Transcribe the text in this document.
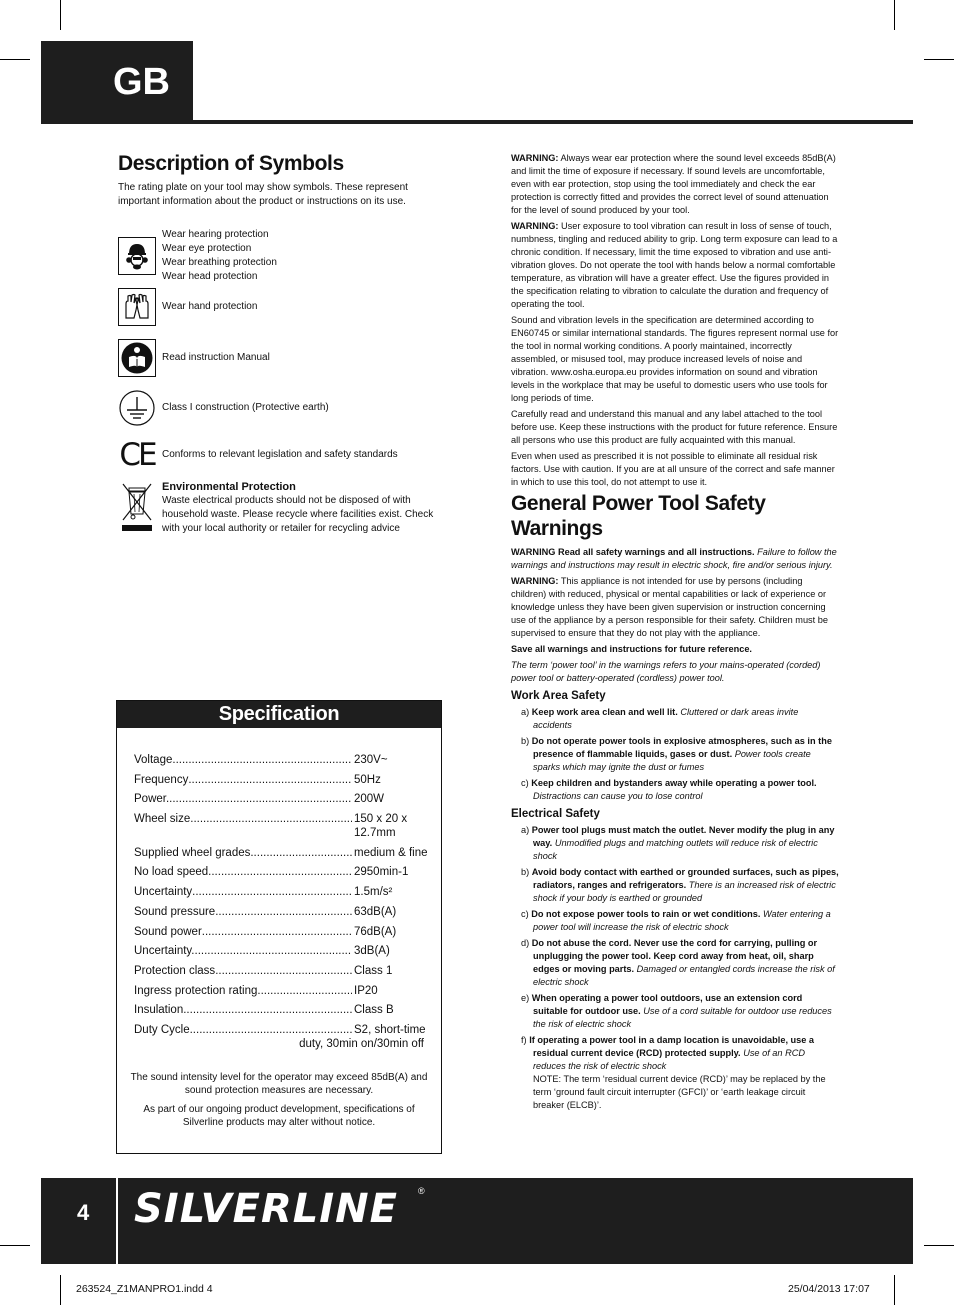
GB
Description of Symbols

The rating plate on your tool may show symbols. These represent important information about the product or instructions on its use.

Wear hearing protection
Wear eye protection
Wear breathing protection
Wear head protection
Wear hand protection
Read instruction Manual
Class I construction (Protective earth)
CE Conforms to relevant legislation and safety standards
Environmental Protection
Waste electrical products should not be disposed of with household waste. Please recycle where facilities exist. Check with your local authority or retailer for recycling advice
Specification
Voltage .....	230V~
Frequency .....	50Hz
Power. .....	200W
Wheel size .....	150 x 20 x
12.7mm
Supplied wheel grades .....	medium & fine
No load speed .....	2950min-1
Uncertainty .....	1.5m/s²
Sound pressure .....	63dB(A)
Sound power .....	76dB(A)
Uncertainty. .....	3dB(A)
Protection class .....	Class 1
Ingress protection rating .....	IP20
Insulation .....	Class B
Duty Cycle .....	S2, short-time
duty, 30min on/30min off

The sound intensity level for the operator may exceed 85dB(A) and sound protection measures are necessary.

As part of our ongoing product development, specifications of Silverline products may alter without notice.

WARNING: Always wear ear protection where the sound level exceeds 85dB(A) and limit the time of exposure if necessary. If sound levels are uncomfortable, even with ear protection, stop using the tool immediately and check the ear protection is correctly fitted and provides the correct level of sound attenuation for the level of sound produced by your tool.

WARNING: User exposure to tool vibration can result in loss of sense of touch, numbness, tingling and reduced ability to grip. Long term exposure can lead to a chronic condition. If necessary, limit the time exposed to vibration and use anti-vibration gloves. Do not operate the tool with hands below a normal comfortable temperature, as vibration will have a greater effect. Use the figures provided in the specification relating to vibration to calculate the duration and frequency of operating the tool.

Sound and vibration levels in the specification are determined according to EN60745 or similar international standards. The figures represent normal use for the tool in normal working conditions. A poorly maintained, incorrectly assembled, or misused tool, may produce increased levels of noise and vibration. www.osha.europa.eu provides information on sound and vibration levels in the workplace that may be useful to domestic users who use tools for long periods of time.

Carefully read and understand this manual and any label attached to the tool before use. Keep these instructions with the product for future reference. Ensure all persons who use this product are fully acquainted with this manual.

Even when used as prescribed it is not possible to eliminate all residual risk factors. Use with caution. If you are at all unsure of the correct and safe manner in which to use this tool, do not attempt to use it.

General Power Tool Safety Warnings

WARNING Read all safety warnings and all instructions. Failure to follow the warnings and instructions may result in electric shock, fire and/or serious injury.

WARNING: This appliance is not intended for use by persons (including children) with reduced, physical or mental capabilities or lack of experience or knowledge unless they have been given supervision or instruction concerning use of the appliance by a person responsible for their safety. Children must be supervised to ensure that they do not play with the appliance.

Save all warnings and instructions for future reference.

The term ‘power tool’ in the warnings refers to your mains-operated (corded) power tool or battery-operated (cordless) power tool.

Work Area Safety
a) Keep work area clean and well lit. Cluttered or dark areas invite accidents
b) Do not operate power tools in explosive atmospheres, such as in the presence of flammable liquids, gases or dust. Power tools create sparks which may ignite the dust or fumes
c) Keep children and bystanders away while operating a power tool. Distractions can cause you to lose control
Electrical Safety
a) Power tool plugs must match the outlet. Never modify the plug in any way. Unmodified plugs and matching outlets will reduce risk of electric shock
b) Avoid body contact with earthed or grounded surfaces, such as pipes, radiators, ranges and refrigerators. There is an increased risk of electric shock if your body is earthed or grounded
c) Do not expose power tools to rain or wet conditions. Water entering a power tool will increase the risk of electric shock
d) Do not abuse the cord. Never use the cord for carrying, pulling or unplugging the power tool. Keep cord away from heat, oil, sharp edges or moving parts. Damaged or entangled cords increase the risk of electric shock
e) When operating a power tool outdoors, use an extension cord suitable for outdoor use. Use of a cord suitable for outdoor use reduces the risk of electric shock
f) If operating a power tool in a damp location is unavoidable, use a residual current device (RCD) protected supply. Use of an RCD reduces the risk of electric shock
NOTE: The term ‘residual current device (RCD)’ may be replaced by the term ‘ground fault circuit interrupter (GFCI)’ or ‘earth leakage circuit breaker (ELCB)’.
4 SILVERLINE ®
263524_Z1MANPRO1.indd 4	25/04/2013 17:07
